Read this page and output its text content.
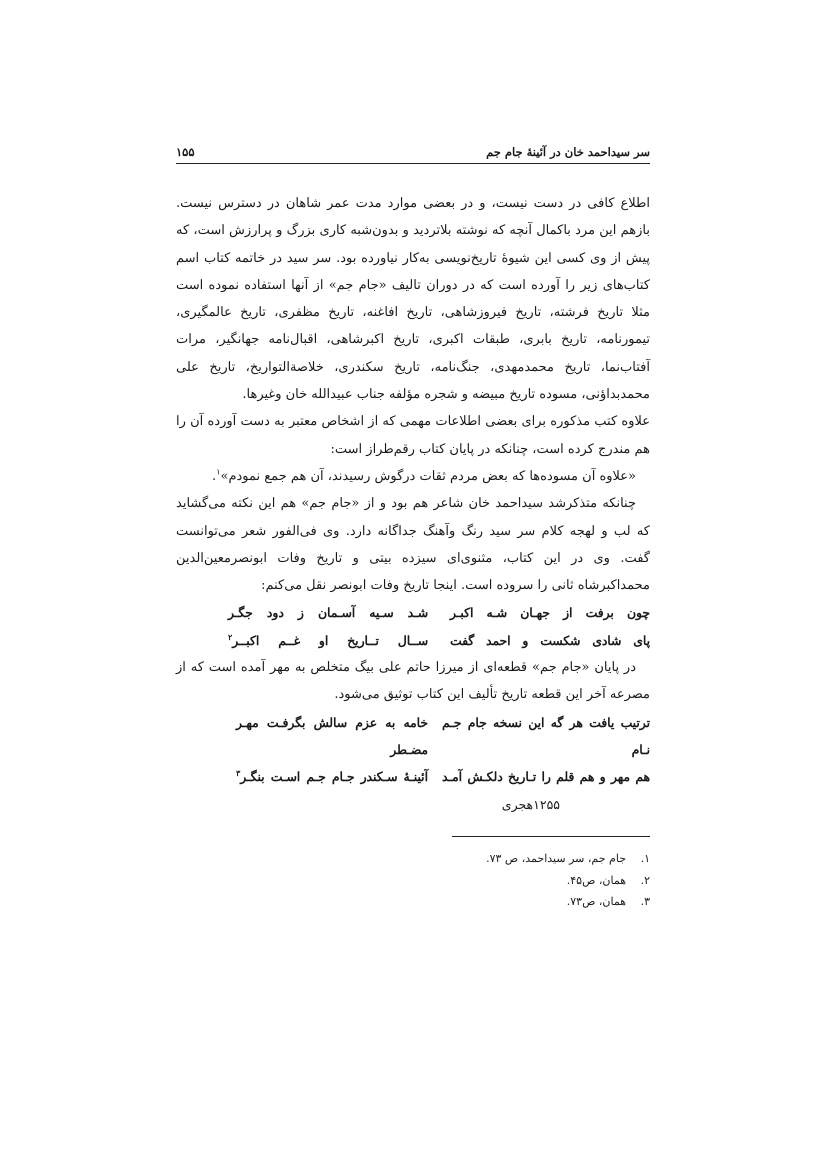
سر سیداحمد خان در آئینهٔ جام جم
۱۵۵

اطلاع کافی در دست نیست، و در بعضی موارد مدت عمر شاهان در دسترس نیست. بازهم این مرد باکمال آنچه که نوشته بلاتردید و بدون‌شبه کاری بزرگ و پرارزش است، که پیش از وی کسی این شیوهٔ تاریخ‌نویسی به‌کار نیاورده بود. سر سید در خاتمه کتاب اسم کتاب‌های زیر را آورده است که در دوران تالیف «جام جم» از آنها استفاده نموده است مثلا تاریخ فرشته، تاریخ فیروزشاهی، تاریخ افاغنه، تاریخ مظفری، تاریخ عالمگیری، تیمورنامه، تاریخ بابری، طبقات اکبری، تاریخ اکبرشاهی، اقبال‌نامه جهانگیر، مرات آفتاب‌نما، تاریخ محمدمهدی، جنگ‌نامه، تاریخ سکندری، خلاصة‌التواریخ، تاریخ علی محمدبداؤنی، مسوده تاریخ مبیضه و شجره مؤلفه جناب عبیدالله خان وغیرها.

علاوه کتب مذکوره برای بعضی اطلاعات مهمی که از اشخاص معتبر به دست آورده آن را هم مندرج کرده است، چنانکه در پایان کتاب رقم‌طراز است:

«علاوه آن مسوده‌ها که بعض مردم ثقات درگوش رسیدند، آن هم جمع نمودم»$^۱$.

چنانکه متذکرشد سیداحمد خان شاعر هم بود و از «جام جم» هم این نکته می‌گشاید که لب و لهجه کلام سر سید رنگ وآهنگ جداگانه دارد. وی فی‌الفور شعر می‌توانست گفت. وی در این کتاب، مثنوی‌ای سیزده بیتی و تاریخ وفات ابونصرمعین‌الدین محمداکبرشاه ثانی را سروده است. اینجا تاریخ وفات ابونصر نقل می‌کنم:

چون برفت از جهـان شـه اکبـر
شـد سـیه آسـمان ز دود جگـر
پای شادی شکست و احمد گفت
ســال تــاریخ او غــم اکبــر$^۲$

در پایان «جام جم» قطعه‌ای از میرزا حاتم علی بیگ متخلص به مهر آمده است که از مصرعه آخر این قطعه تاریخ تألیف این کتاب توثیق می‌شود.

ترتیب یافت هر گه این نسخه جام جـم نـام
خامه به عزم سالش بگرفـت مهـر مضـطر
هم مهر و هم قلم را تـاریخ دلکـش آمـد
آئینـهٔ سـکندر جـام جـم اسـت بنگـر$^۳$
۱۲۵۵هجری
۱.
جام جم، سر سیداحمد، ص ۷۳.
۲.
همان، ص۴۵.
۳.
همان، ص۷۳.
